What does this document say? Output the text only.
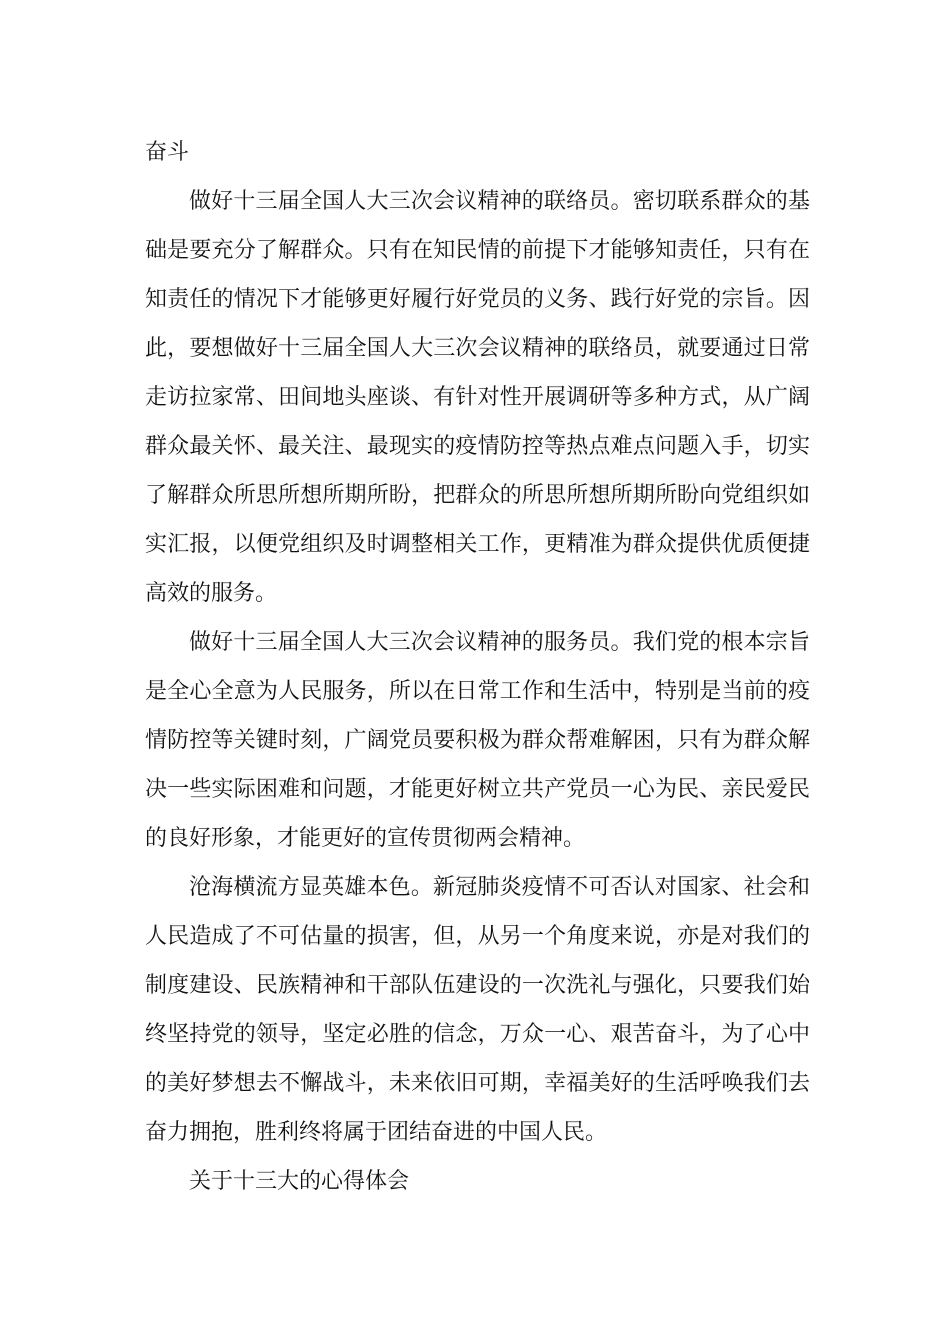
奋斗

做好十三届全国人大三次会议精神的联络员。密切联系群众的基础是要充分了解群众。只有在知民情的前提下才能够知责任，只有在知责任的情况下才能够更好履行好党员的义务、践行好党的宗旨。因此，要想做好十三届全国人大三次会议精神的联络员，就要通过日常走访拉家常、田间地头座谈、有针对性开展调研等多种方式，从广阔群众最关怀、最关注、最现实的疫情防控等热点难点问题入手，切实了解群众所思所想所期所盼，把群众的所思所想所期所盼向党组织如实汇报，以便党组织及时调整相关工作，更精准为群众提供优质便捷高效的服务。

做好十三届全国人大三次会议精神的服务员。我们党的根本宗旨是全心全意为人民服务，所以在日常工作和生活中，特别是当前的疫情防控等关键时刻，广阔党员要积极为群众帮难解困，只有为群众解决一些实际困难和问题，才能更好树立共产党员一心为民、亲民爱民的良好形象，才能更好的宣传贯彻两会精神。

沧海横流方显英雄本色。新冠肺炎疫情不可否认对国家、社会和人民造成了不可估量的损害，但，从另一个角度来说，亦是对我们的制度建设、民族精神和干部队伍建设的一次洗礼与强化，只要我们始终坚持党的领导，坚定必胜的信念，万众一心、艰苦奋斗，为了心中的美好梦想去不懈战斗，未来依旧可期，幸福美好的生活呼唤我们去奋力拥抱，胜利终将属于团结奋进的中国人民。

关于十三大的心得体会
